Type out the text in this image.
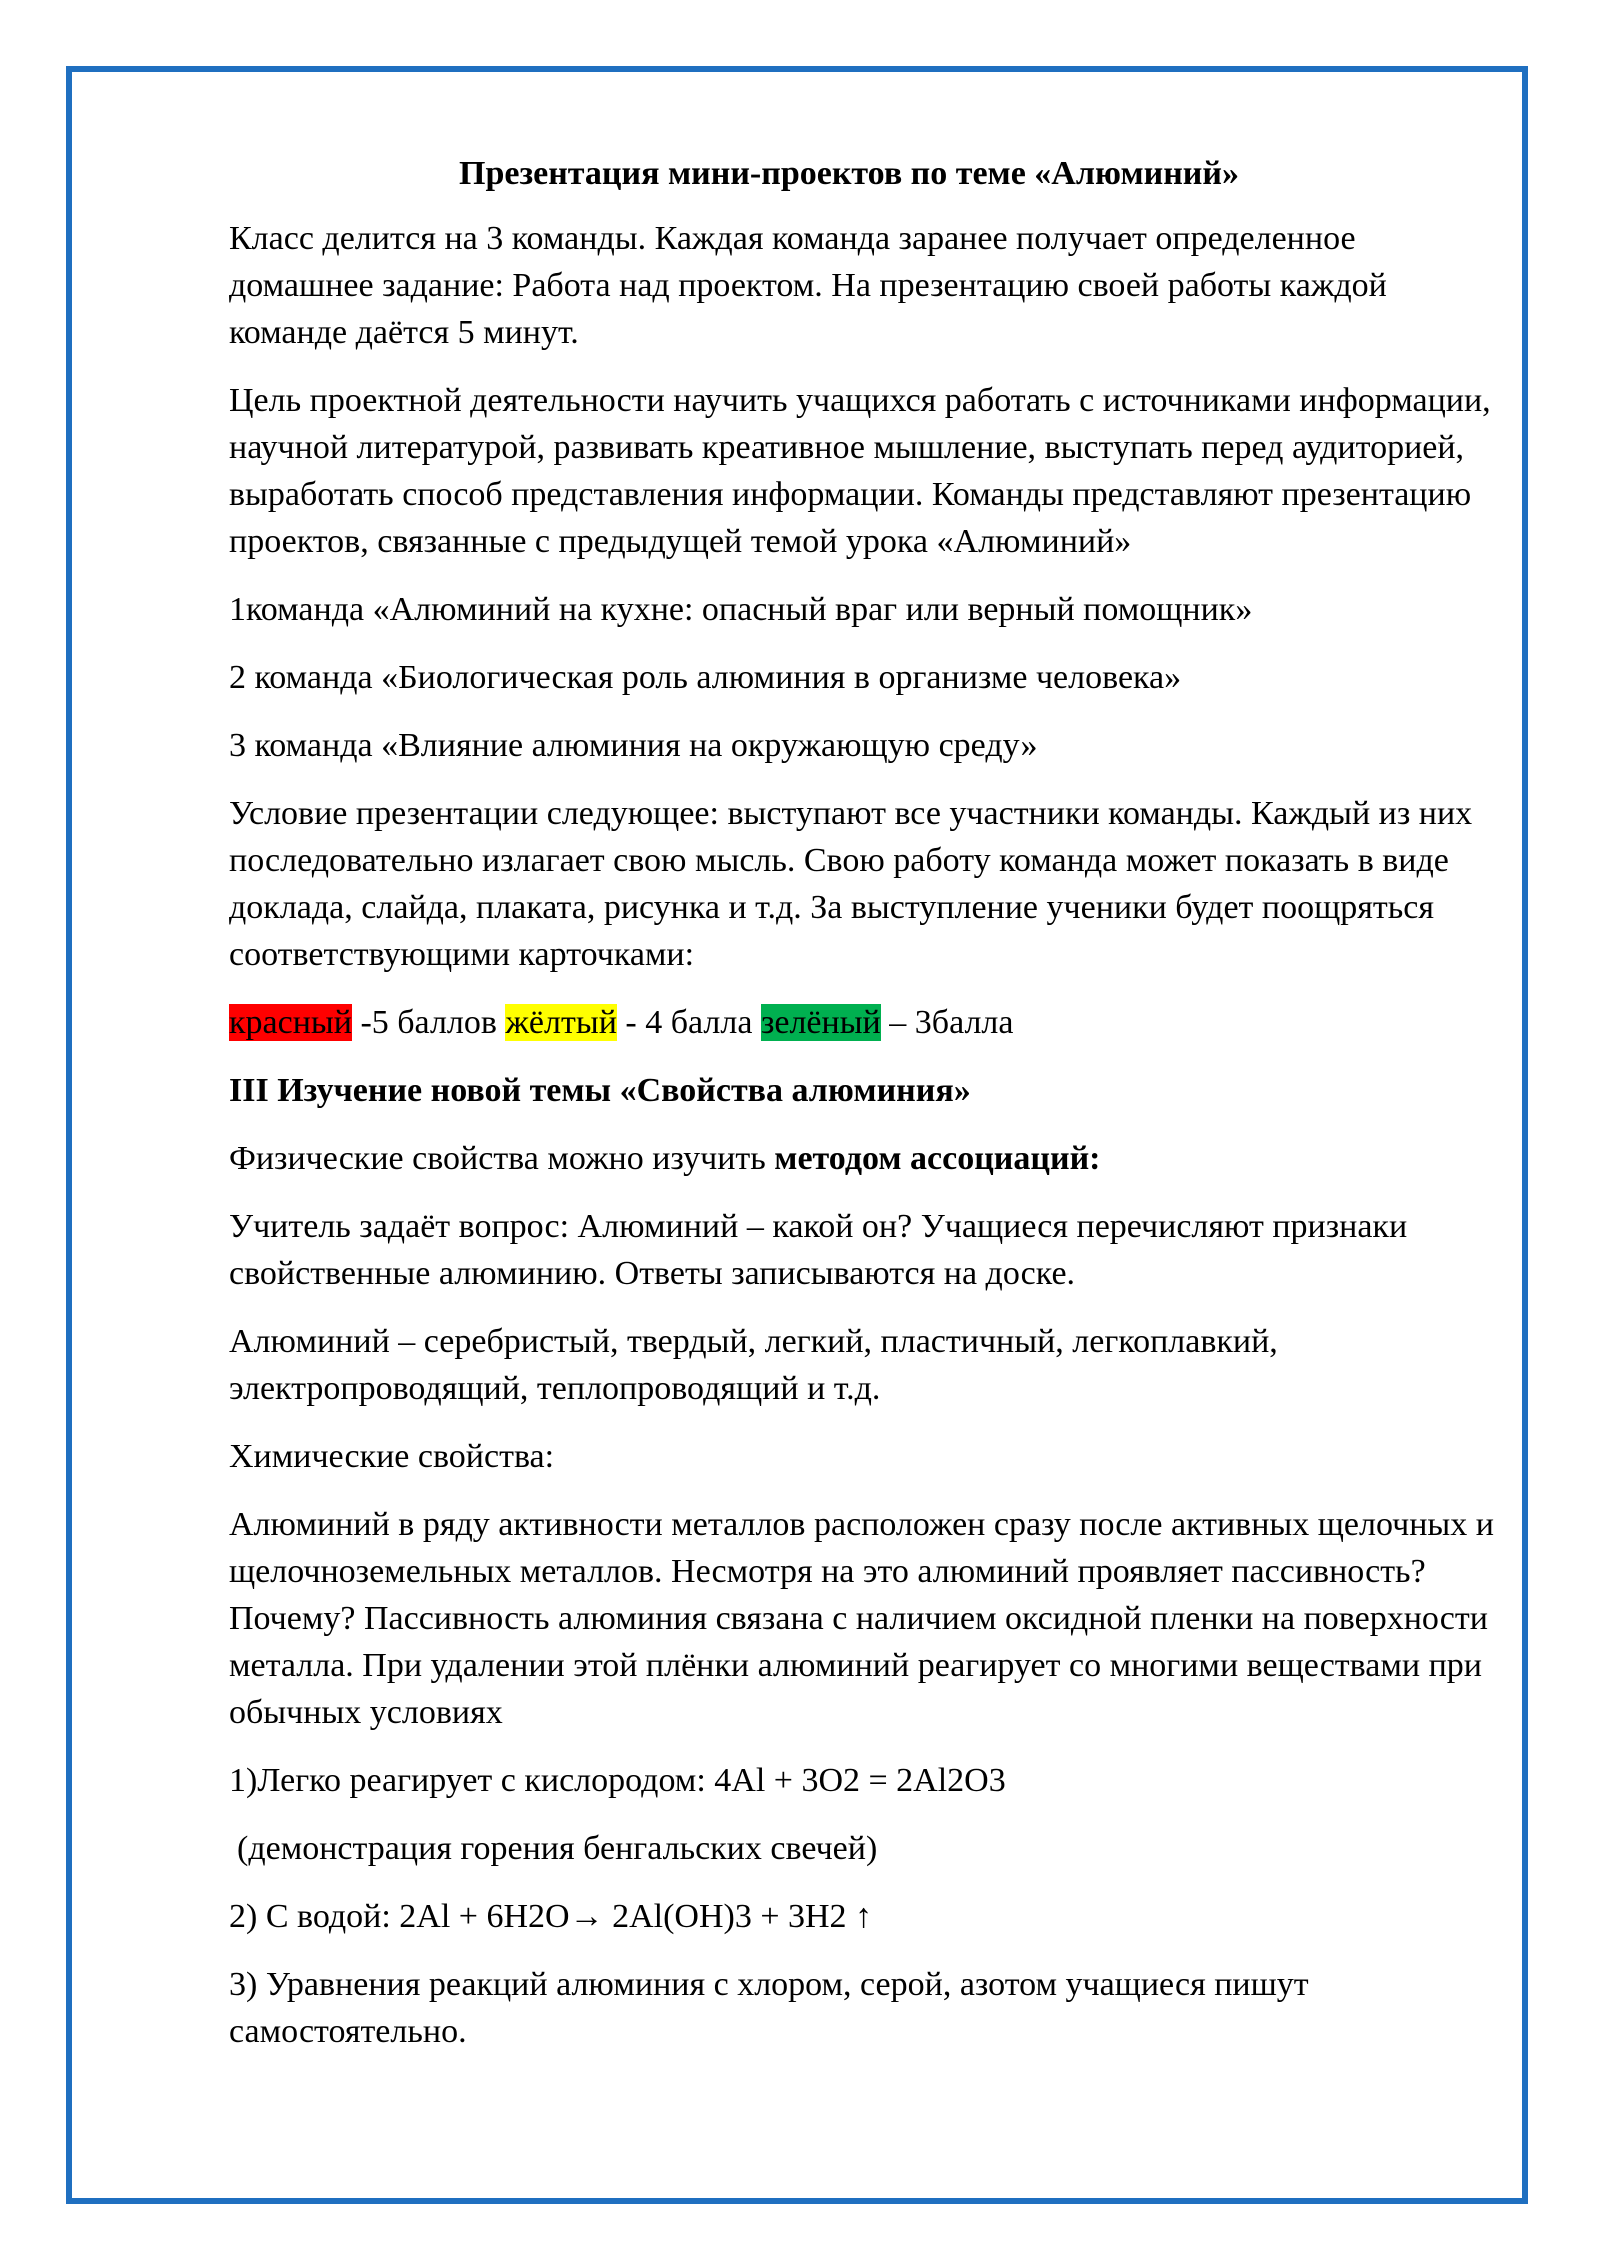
Презентация мини-проектов по теме «Алюминий»

Класс делится на 3 команды. Каждая команда заранее получает определенное домашнее задание: Работа над проектом. На презентацию своей работы каждой команде даётся 5 минут.

Цель проектной деятельности научить учащихся работать с источниками информации, научной литературой, развивать креативное мышление, выступать перед аудиторией, выработать способ представления информации. Команды представляют презентацию проектов, связанные с предыдущей темой урока «Алюминий»

1команда «Алюминий на кухне: опасный враг или верный помощник»

2 команда «Биологическая роль алюминия в организме человека»

3 команда «Влияние алюминия на окружающую среду»

Условие презентации следующее: выступают все участники команды. Каждый из них последовательно излагает свою мысль. Свою работу команда может показать в виде доклада, слайда, плаката, рисунка и т.д. За выступление ученики будет поощряться соответствующими карточками:

красный -5 баллов жёлтый - 4 балла зелёный – 3балла

III Изучение новой темы «Свойства алюминия»

Физические свойства можно изучить методом ассоциаций:

Учитель задаёт вопрос: Алюминий – какой он? Учащиеся перечисляют признаки свойственные алюминию. Ответы записываются на доске.

Алюминий – серебристый, твердый, легкий, пластичный, легкоплавкий, электропроводящий, теплопроводящий и т.д.

Химические свойства:

Алюминий в ряду активности металлов расположен сразу после активных щелочных и щелочноземельных металлов. Несмотря на это алюминий проявляет пассивность? Почему? Пассивность алюминия связана с наличием оксидной пленки на поверхности металла. При удалении этой плёнки алюминий реагирует со многими веществами при обычных условиях

1)Легко реагирует с кислородом: 4Al + 3O2 = 2Al2O3

(демонстрация горения бенгальских свечей)

2) С водой: 2Al + 6H2O→ 2Al(OH)3 + 3H2 ↑

3) Уравнения реакций алюминия с хлором, серой, азотом учащиеся пишут самостоятельно.
